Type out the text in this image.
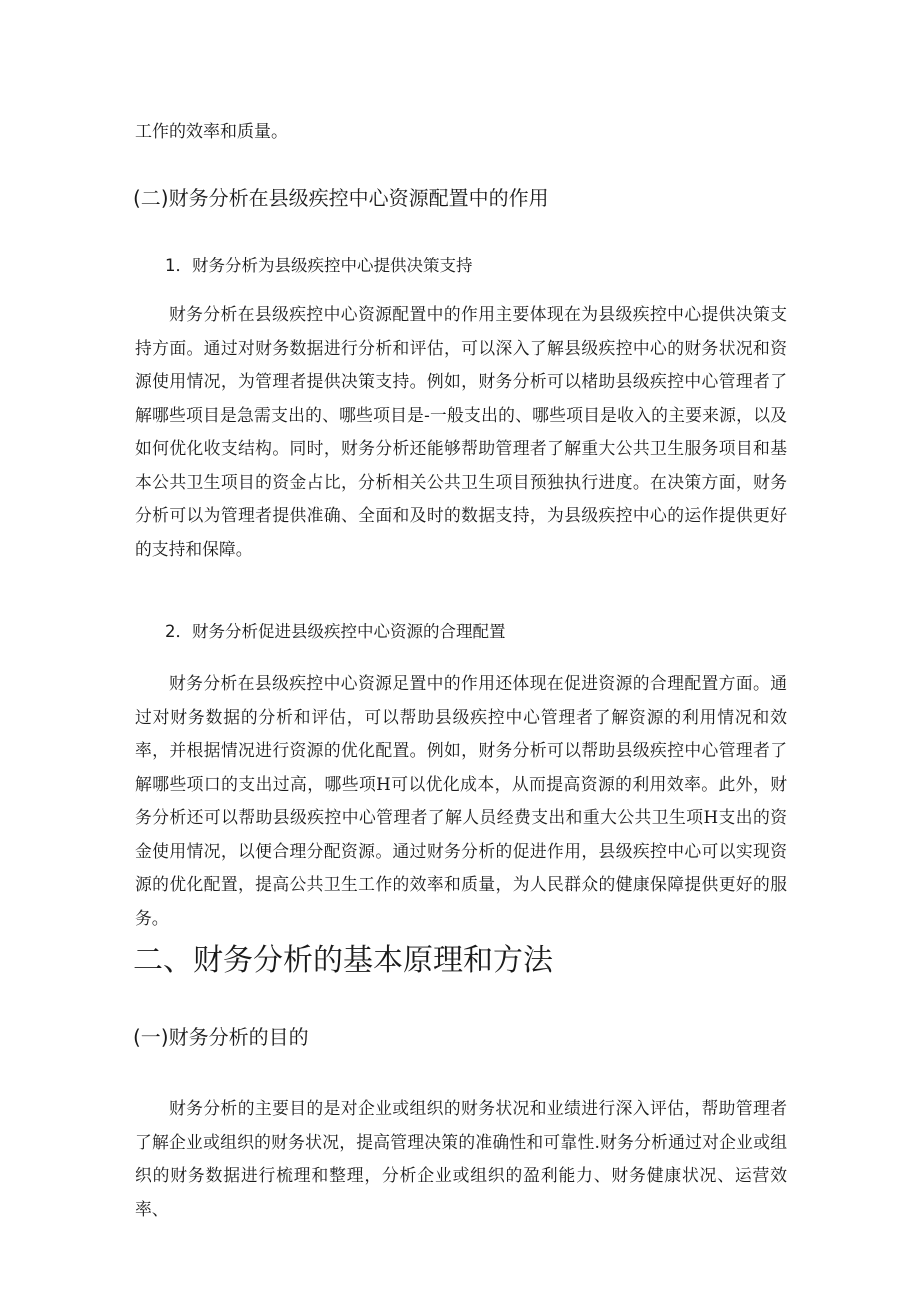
工作的效率和质量。
(二)财务分析在县级疾控中心资源配置中的作用
1．财务分析为县级疾控中心提供决策支持

财务分析在县级疾控中心资源配置中的作用主要体现在为县级疾控中心提供决策支持方面。通过对财务数据进行分析和评估，可以深入了解县级疾控中心的财务状况和资源使用情况，为管理者提供决策支持。例如，财务分析可以楮助县级疾控中心管理者了解哪些项目是急需支出的、哪些项目是-一般支出的、哪些项目是收入的主要来源，以及如何优化收支结构。同时，财务分析还能够帮助管理者了解重大公共卫生服务项目和基本公共卫生项目的资金占比，分析相关公共卫生项目预独执行进度。在决策方面，财务分析可以为管理者提供准确、全面和及时的数据支持，为县级疾控中心的运作提供更好的支持和保障。

2．财务分析促进县级疾控中心资源的合理配置

财务分析在县级疾控中心资源足置中的作用还体现在促进资源的合理配置方面。通过对财务数据的分析和评估，可以帮助县级疾控中心管理者了解资源的利用情况和效率，并根据情况进行资源的优化配置。例如，财务分析可以帮助县级疾控中心管理者了解哪些项口的支出过高，哪些项H可以优化成本，从而提高资源的利用效率。此外，财务分析还可以帮助县级疾控中心管理者了解人员经费支出和重大公共卫生项H支出的资金使用情况，以便合理分配资源。通过财务分析的促进作用，县级疾控中心可以实现资源的优化配置，提高公共卫生工作的效率和质量，为人民群众的健康保障提供更好的服务。

二、财务分析的基本原理和方法
(一)财务分析的目的

财务分析的主要目的是对企业或组织的财务状况和业绩进行深入评估，帮助管理者了解企业或组织的财务状况，提高管理决策的准确性和可靠性.财务分析通过对企业或组织的财务数据进行梳理和整理，分析企业或组织的盈利能力、财务健康状况、运营效率、
